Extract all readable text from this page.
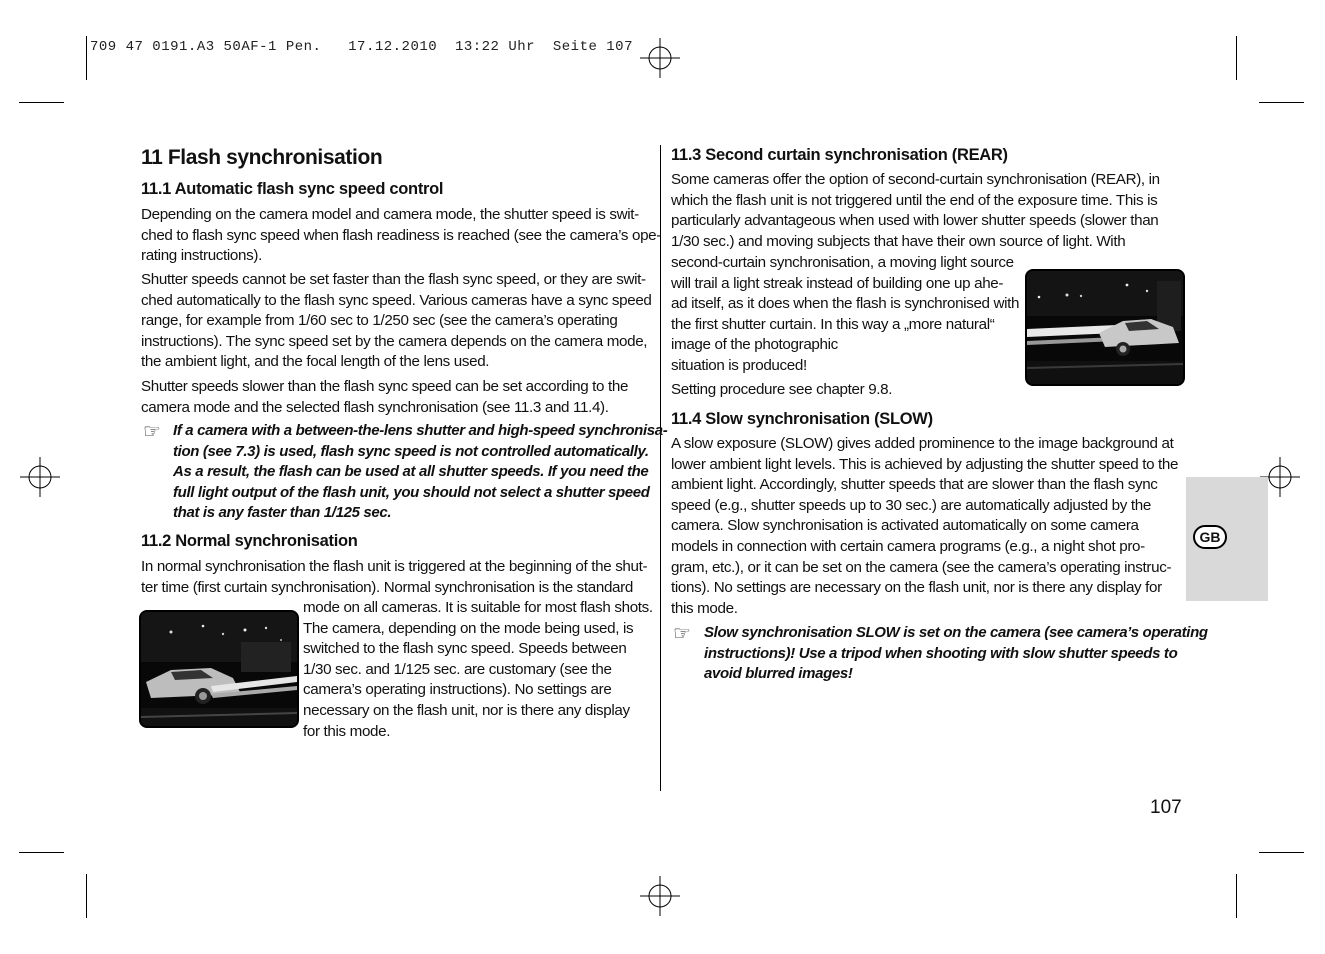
709 47 0191.A3 50AF-1 Pen.   17.12.2010  13:22 Uhr  Seite 107
11 Flash synchronisation
11.1 Automatic flash sync speed control
Depending on the camera model and camera mode, the shutter speed is swit-
ched to flash sync speed when flash readiness is reached (see the camera’s ope-
rating instructions).
Shutter speeds cannot be set faster than the flash sync speed, or they are swit-
ched automatically to the flash sync speed. Various cameras have a sync speed
range, for example from 1/60 sec to 1/250 sec (see the camera’s operating
instructions). The sync speed set by the camera depends on the camera mode,
the ambient light, and the focal length of the lens used.
Shutter speeds slower than the flash sync speed can be set according to the
camera mode and the selected flash synchronisation (see 11.3 and 11.4).
☞ If a camera with a between-the-lens shutter and high-speed synchronisa-
tion (see 7.3) is used, flash sync speed is not controlled automatically.
As a result, the flash can be used at all shutter speeds. If you need the
full light output of the flash unit, you should not select a shutter speed
that is any faster than 1/125 sec.
11.2 Normal synchronisation
In normal synchronisation the flash unit is triggered at the beginning of the shut-
ter time (first curtain synchronisation). Normal synchronisation is the standard
mode on all cameras. It is suitable for most flash shots.
The camera, depending on the mode being used, is
switched to the flash sync speed. Speeds between
1/30 sec. and 1/125 sec. are customary (see the
camera’s operating instructions). No settings are
necessary on the flash unit, nor is there any display
for this mode.
11.3 Second curtain synchronisation (REAR)
Some cameras offer the option of second-curtain synchronisation (REAR), in
which the flash unit is not triggered until the end of the exposure time. This is
particularly advantageous when used with lower shutter speeds (slower than
1/30 sec.) and moving subjects that have their own source of light. With
second-curtain synchronisation, a moving light source
will trail a light streak instead of building one up ahe-
ad itself, as it does when the flash is synchronised with
the first shutter curtain. In this way a „more natural“
image of the photographic
situation is produced!
Setting procedure see chapter 9.8.
11.4 Slow synchronisation (SLOW)
A slow exposure (SLOW) gives added prominence to the image background at
lower ambient light levels. This is achieved by adjusting the shutter speed to the
ambient light. Accordingly, shutter speeds that are slower than the flash sync
speed (e.g., shutter speeds up to 30 sec.) are automatically adjusted by the
camera. Slow synchronisation is activated automatically on some camera
models in connection with certain camera programs (e.g., a night shot pro-
gram, etc.), or it can be set on the camera (see the camera’s operating instruc-
tions). No settings are necessary on the flash unit, nor is there any display for
this mode.
☞ Slow synchronisation SLOW is set on the camera (see camera’s operating
instructions)! Use a tripod when shooting with slow shutter speeds to
avoid blurred images!
GB
107
